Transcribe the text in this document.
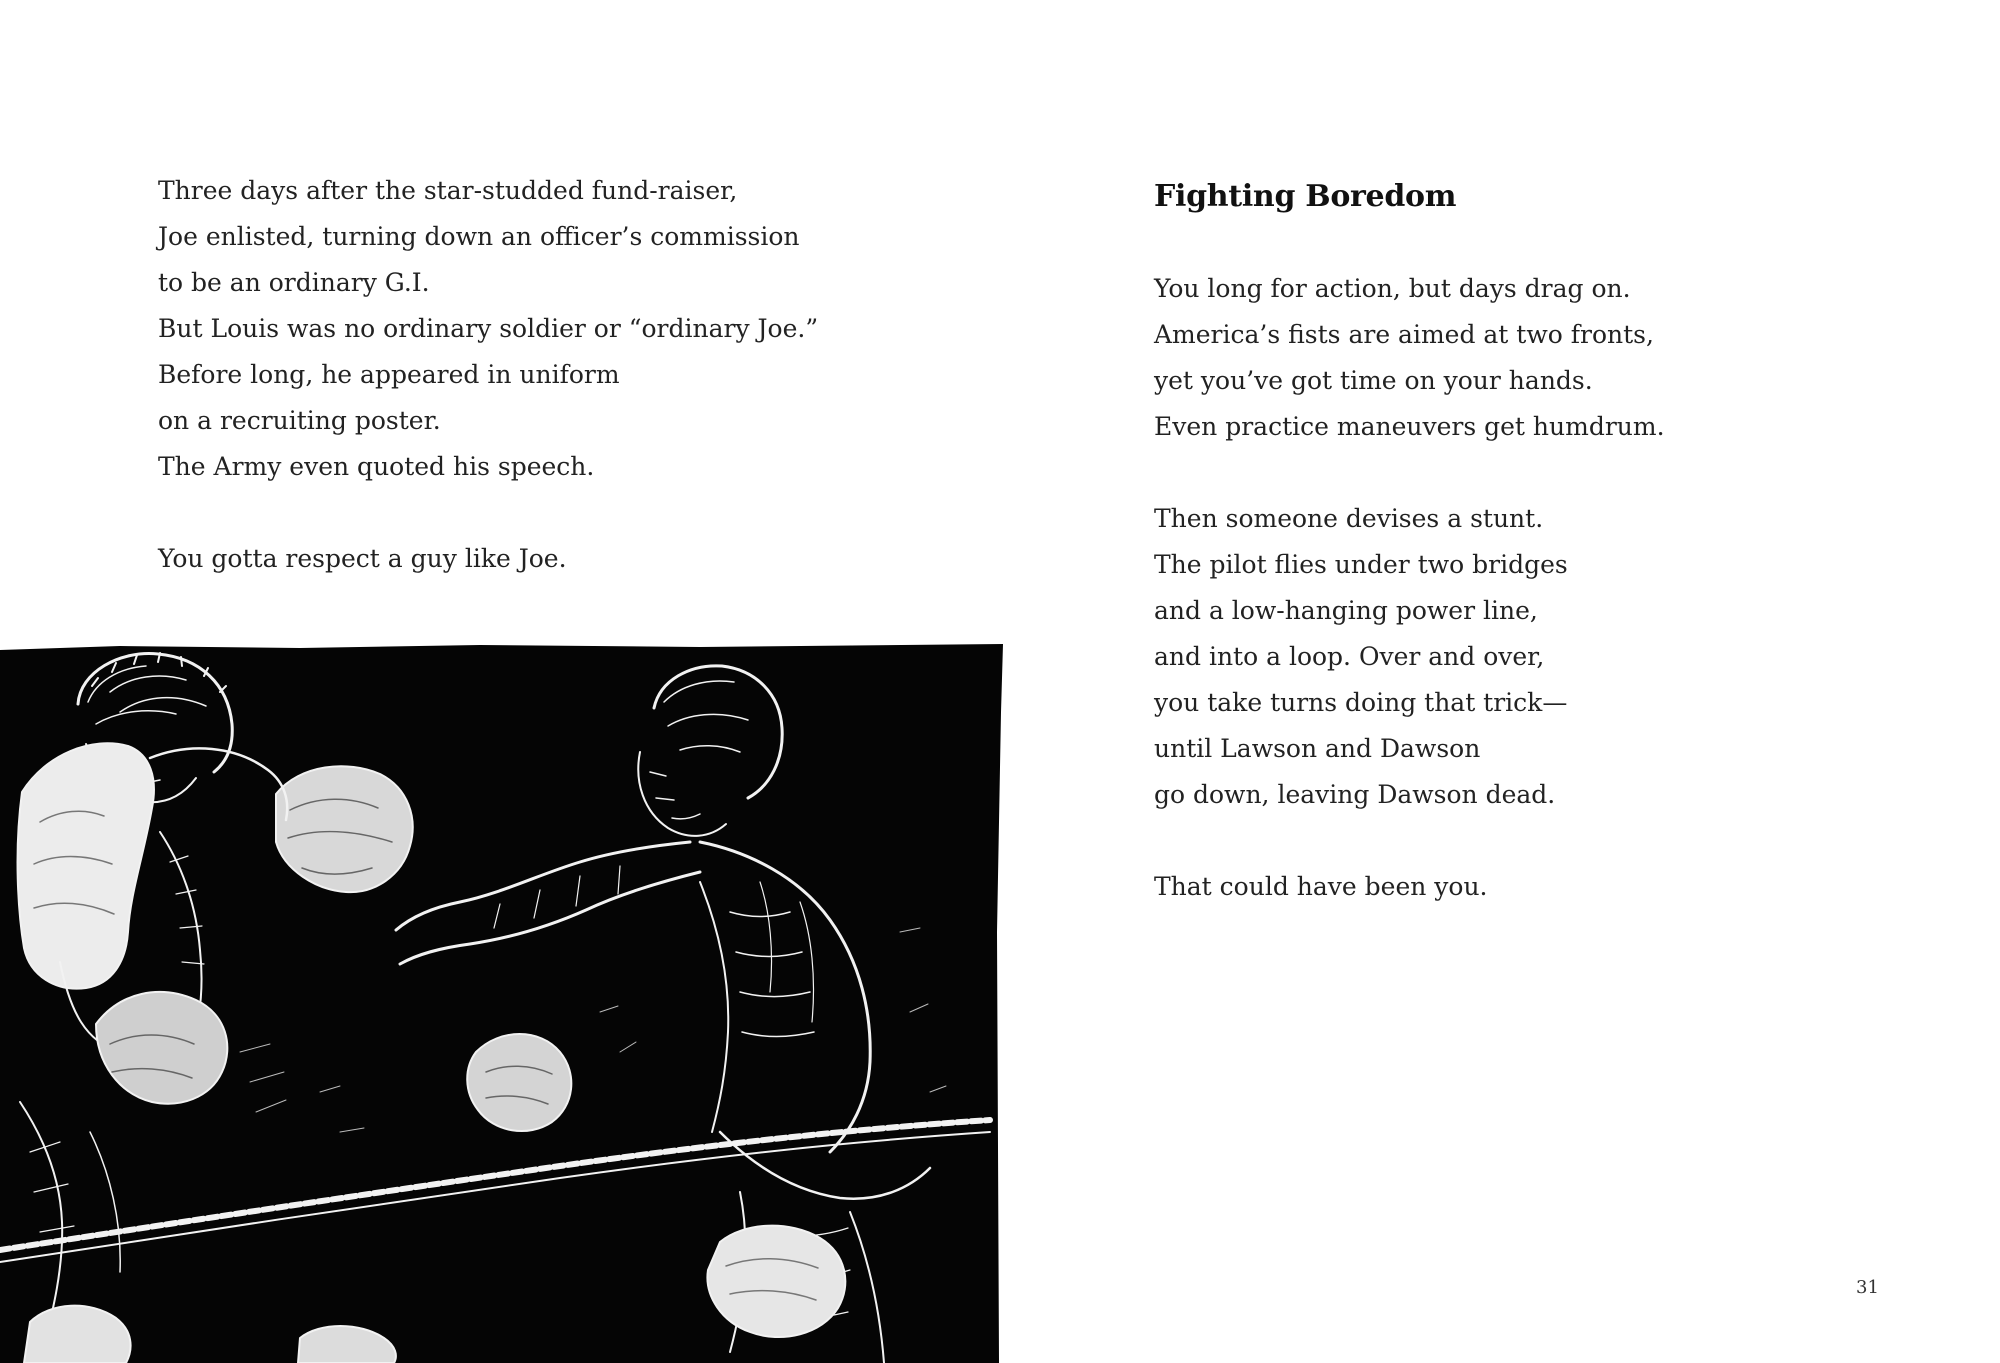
Three days after the star-studded fund-raiser,
Joe enlisted, turning down an officer’s commission
to be an ordinary G.I.
But Louis was no ordinary soldier or “ordinary Joe.”
Before long, he appeared in uniform
on a recruiting poster.
The Army even quoted his speech.
You gotta respect a guy like Joe.
Fighting Boredom
You long for action, but days drag on.
America’s fists are aimed at two fronts,
yet you’ve got time on your hands.
Even practice maneuvers get humdrum.
Then someone devises a stunt.
The pilot flies under two bridges
and a low-hanging power line,
and into a loop. Over and over,
you take turns doing that trick—
until Lawson and Dawson
go down, leaving Dawson dead.
That could have been you.
31
